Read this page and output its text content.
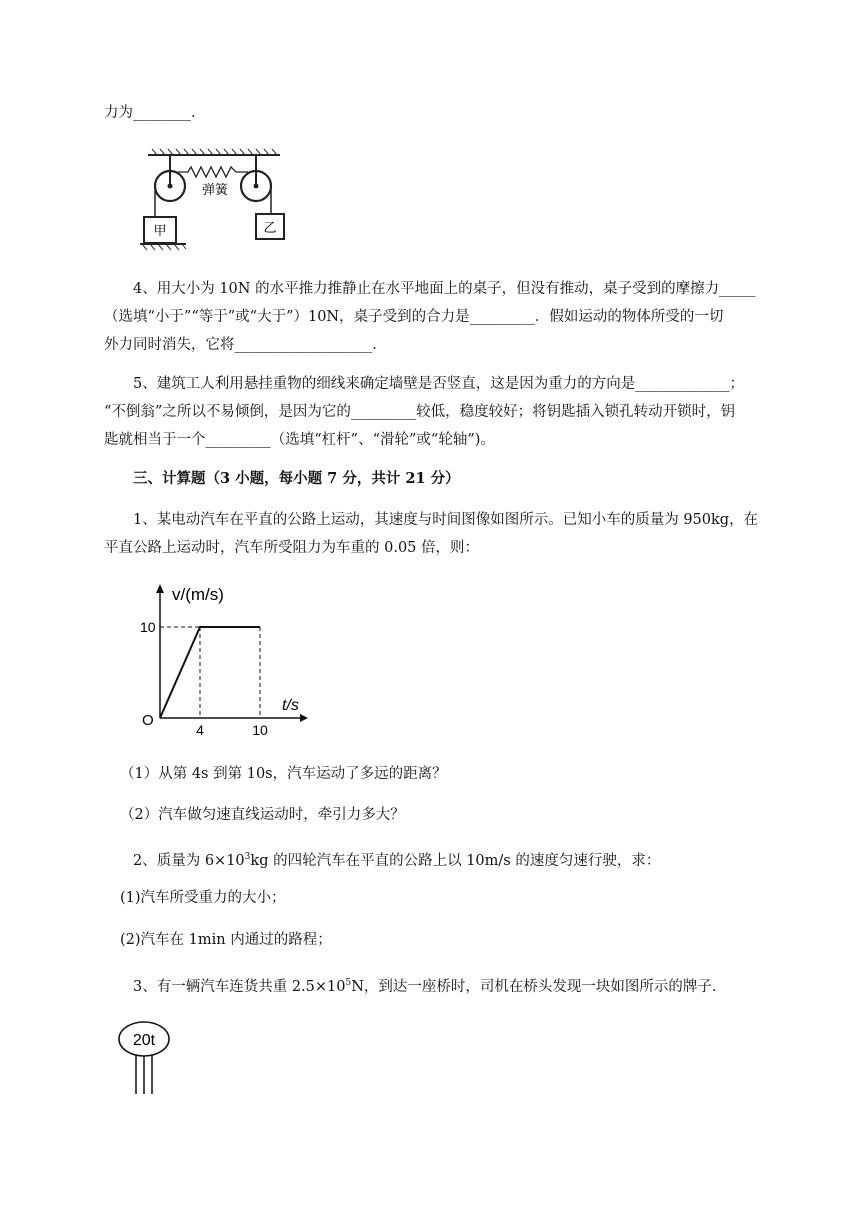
力为________．
弹簧
甲	乙
4、用大小为 10N 的水平推力推静止在水平地面上的桌子，但没有推动，桌子受到的摩擦力_____
（选填“小于”“等于”或“大于”）10N，桌子受到的合力是_________．假如运动的物体所受的一切
外力同时消失，它将___________________．
5、建筑工人利用悬挂重物的细线来确定墙壁是否竖直，这是因为重力的方向是_____________；
“不倒翁”之所以不易倾倒，是因为它的_________较低，稳度较好；将钥匙插入锁孔转动开锁时，钥
匙就相当于一个_________（选填“杠杆”、“滑轮”或“轮轴”)。
三、计算题（3 小题，每小题 7 分，共计 21 分）
1、某电动汽车在平直的公路上运动，其速度与时间图像如图所示。已知小车的质量为 950kg，在
平直公路上运动时，汽车所受阻力为车重的 0.05 倍，则：
v/(m/s)
t/s
O
10
4	10
（1）从第 4s 到第 10s，汽车运动了多远的距离？
（2）汽车做匀速直线运动时，牵引力多大？
2、质量为 $6\times 10^3kg$ 的四轮汽车在平直的公路上以 10m/s 的速度匀速行驶，求：
(1)汽车所受重力的大小；
(2)汽车在 1min 内通过的路程；
3、有一辆汽车连货共重 $2.5\times 10^5N$，到达一座桥时，司机在桥头发现一块如图所示的牌子.
20t
